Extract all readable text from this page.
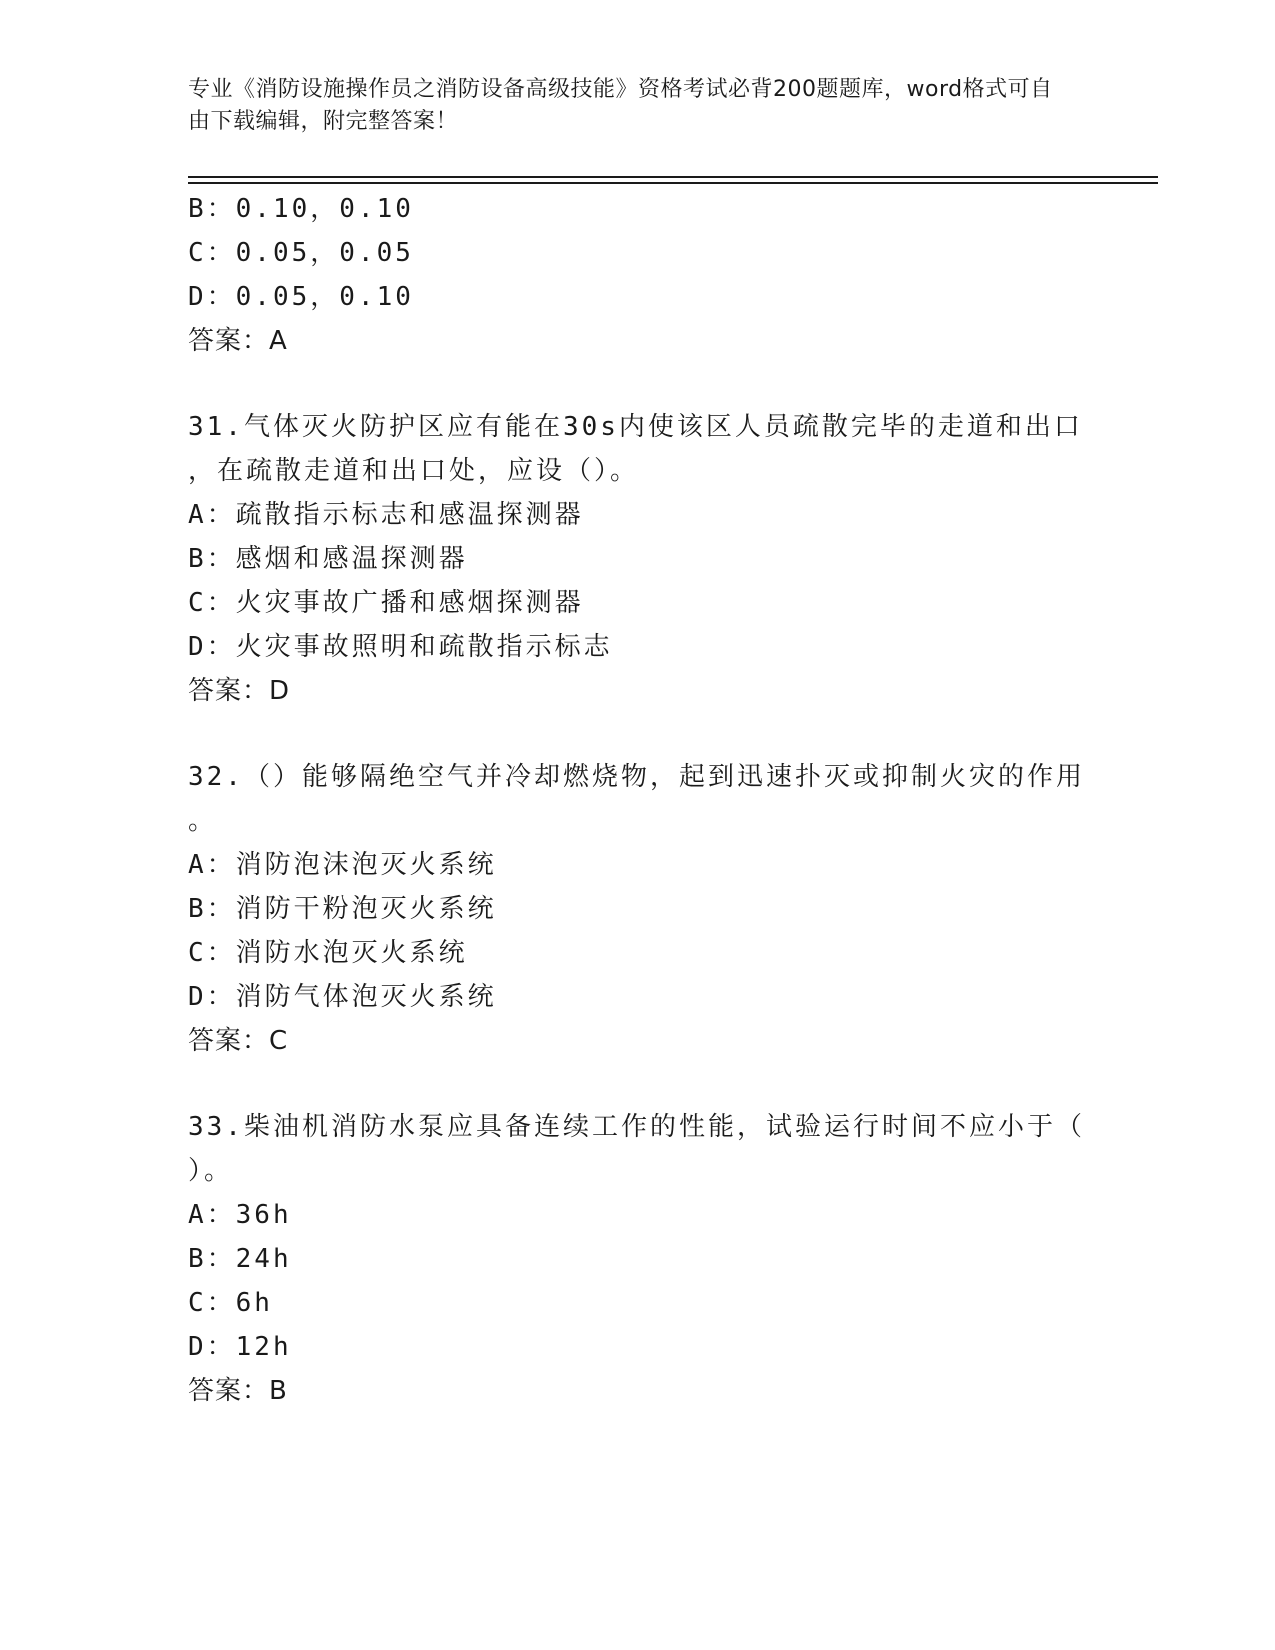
专业《消防设施操作员之消防设备高级技能》资格考试必背200题题库，word格式可自由下载编辑，附完整答案！
B：0.10，0.10
C：0.05，0.05
D：0.05，0.10
答案：A
31.气体灭火防护区应有能在30s内使该区人员疏散完毕的走道和出口
，在疏散走道和出口处，应设（）。
A：疏散指示标志和感温探测器
B：感烟和感温探测器
C：火灾事故广播和感烟探测器
D：火灾事故照明和疏散指示标志
答案：D
32.（）能够隔绝空气并冷却燃烧物，起到迅速扑灭或抑制火灾的作用
。
A：消防泡沫泡灭火系统
B：消防干粉泡灭火系统
C：消防水泡灭火系统
D：消防气体泡灭火系统
答案：C
33.柴油机消防水泵应具备连续工作的性能，试验运行时间不应小于（
）。
A：36h
B：24h
C：6h
D：12h
答案：B
